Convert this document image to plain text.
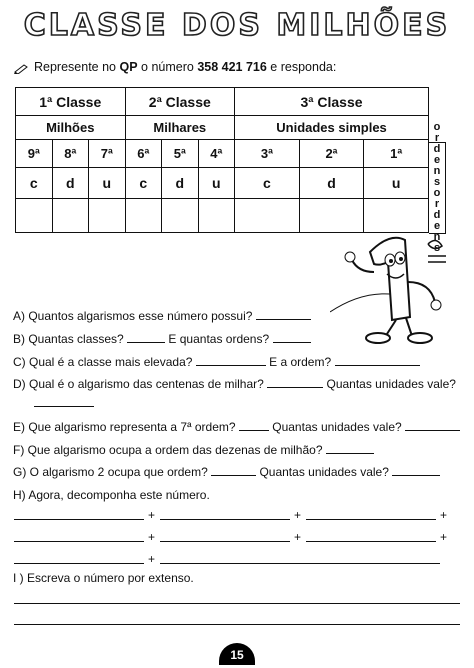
CLASSE DOS MILHÕES
Represente no QP o número 358 421 716 e responda:
1ª Classe			2ª Classe			3ª Classe		
Milhões			Milhares			Unidades simples		
9ª	8ª	7ª	6ª	5ª	4ª	3ª	2ª	1ª
c	d	u	c	d	u	c	d	u

o
r
d
e
n
s
o
r
d
e
n
s
A) Quantos algarismos esse número possui?
B) Quantas classes?	E quantas ordens?
C) Qual é a classe mais elevada?	E a ordem?
D) Qual é o algarismo das centenas de milhar?	Quantas unidades vale?
E) Que algarismo representa a 7ª ordem?	Quantas unidades vale?
F) Que algarismo ocupa a ordem das dezenas de milhão?
G) O algarismo 2 ocupa que ordem?	Quantas unidades vale?
H) Agora, decomponha este número.
+	+	+
+	+	+
+
I ) Escreva o número por extenso.
15
